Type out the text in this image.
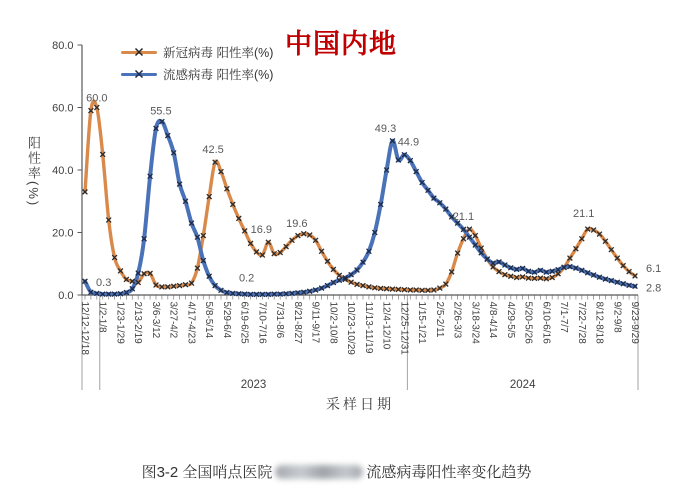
中国内地
新冠病毒 阳性率(%)
流感病毒 阳性率(%)
阳性率(%)
80.0
60.0
40.0
20.0
0.0
12/12-12/18 1/2-1/8 1/23-1/29 2/13-2/19 3/6-3/12 3/27-4/2 4/17-4/23 5/8-5/14 5/29-6/4 6/19-6/25 7/10-7/16 7/31-8/6 8/21-8/27 9/11-9/17 10/2-10/8 10/23-10/29 11/13-11/19 12/4-12/10 12/25-12/31 1/15-1/21 2/5-2/11 2/26-3/3 3/18-3/24 4/8-4/14 4/29-5/5 5/20-5/26 6/10-6/16 7/1-7/7 7/22-7/28 8/12-8/18 9/2-9/8 9/23-9/29
2023	2024
60.0
0.3
55.5
42.5
0.2
16.9
19.6
49.3
44.9
21.1	21.1
6.1
2.8
采样日期
图3-2 全国哨点医院	流感病毒阳性率变化趋势
